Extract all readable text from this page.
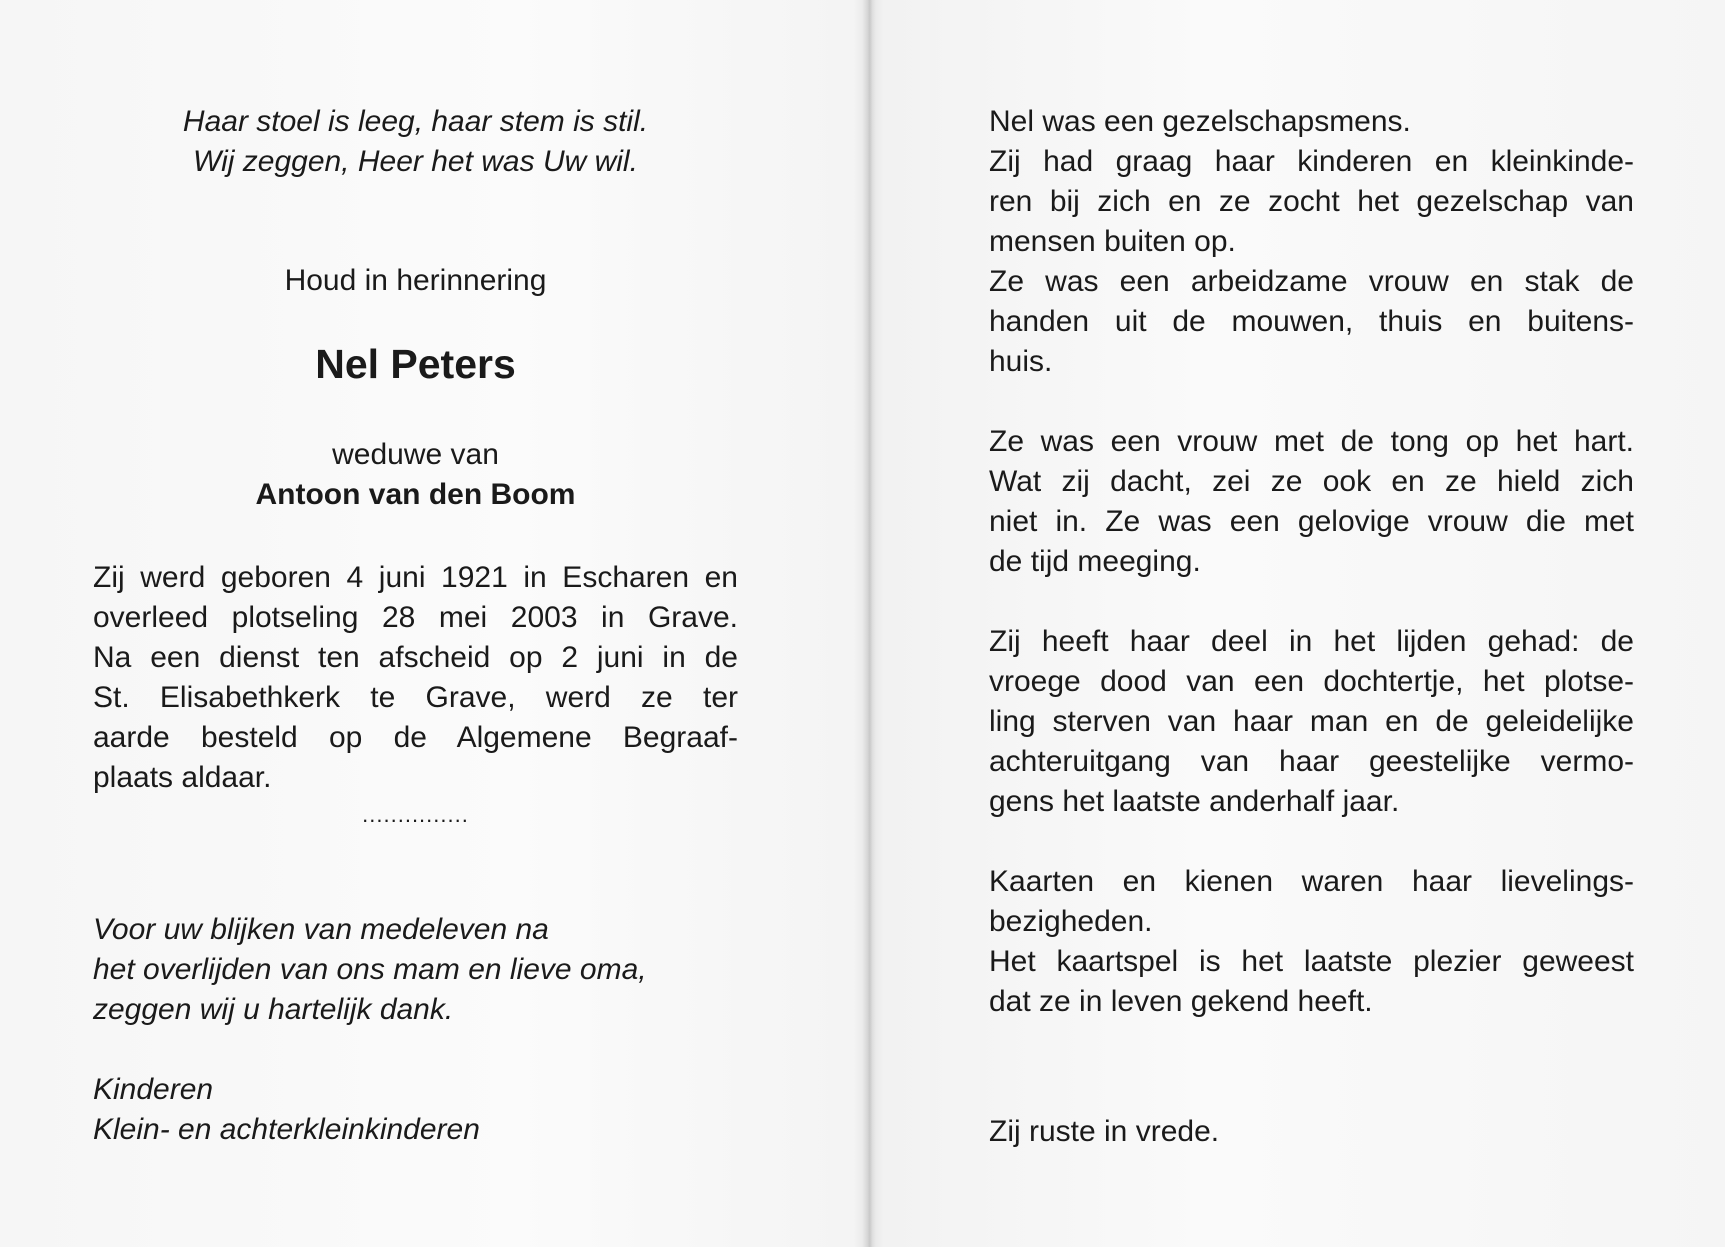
Haar stoel is leeg, haar stem is stil.
Wij zeggen, Heer het was Uw wil.
Houd in herinnering
Nel Peters
weduwe van
Antoon van den Boom
Zij werd geboren 4 juni 1921 in Escharen en
overleed plotseling 28 mei 2003 in Grave.
Na een dienst ten afscheid op 2 juni in de
St. Elisabethkerk te Grave, werd ze ter
aarde besteld op de Algemene Begraaf-
plaats aldaar.
...............
Voor uw blijken van medeleven na
het overlijden van ons mam en lieve oma,
zeggen wij u hartelijk dank.
Kinderen
Klein- en achterkleinkinderen
Nel was een gezelschapsmens.
Zij had graag haar kinderen en kleinkinde-
ren bij zich en ze zocht het gezelschap van
mensen buiten op.
Ze was een arbeidzame vrouw en stak de
handen uit de mouwen, thuis en buitens-
huis.
Ze was een vrouw met de tong op het hart.
Wat zij dacht, zei ze ook en ze hield zich
niet in. Ze was een gelovige vrouw die met
de tijd meeging.
Zij heeft haar deel in het lijden gehad: de
vroege dood van een dochtertje, het plotse-
ling sterven van haar man en de geleidelijke
achteruitgang van haar geestelijke vermo-
gens het laatste anderhalf jaar.
Kaarten en kienen waren haar lievelings-
bezigheden.
Het kaartspel is het laatste plezier geweest
dat ze in leven gekend heeft.
Zij ruste in vrede.
